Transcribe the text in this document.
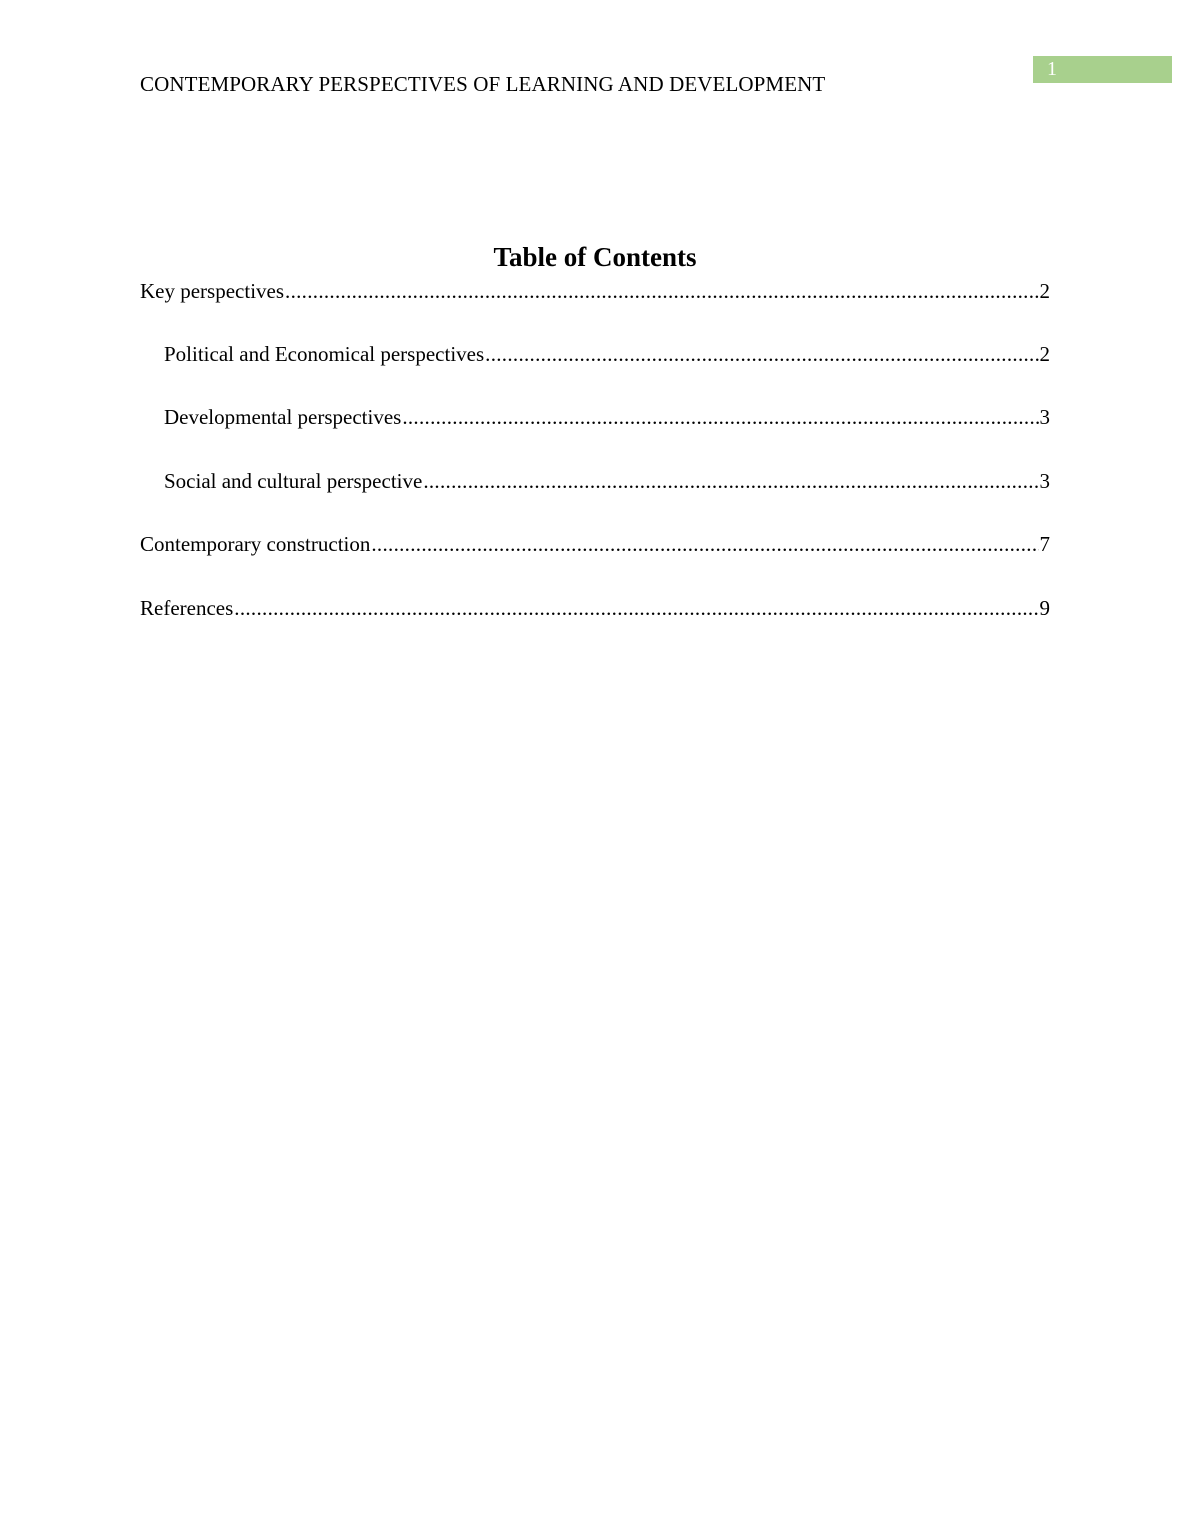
CONTEMPORARY PERSPECTIVES OF LEARNING AND DEVELOPMENT
1
Table of Contents
Key perspectives .....	2
Political and Economical perspectives .....	2
Developmental perspectives .....	3
Social and cultural perspective .....	3
Contemporary construction .....	7
References .....	9
